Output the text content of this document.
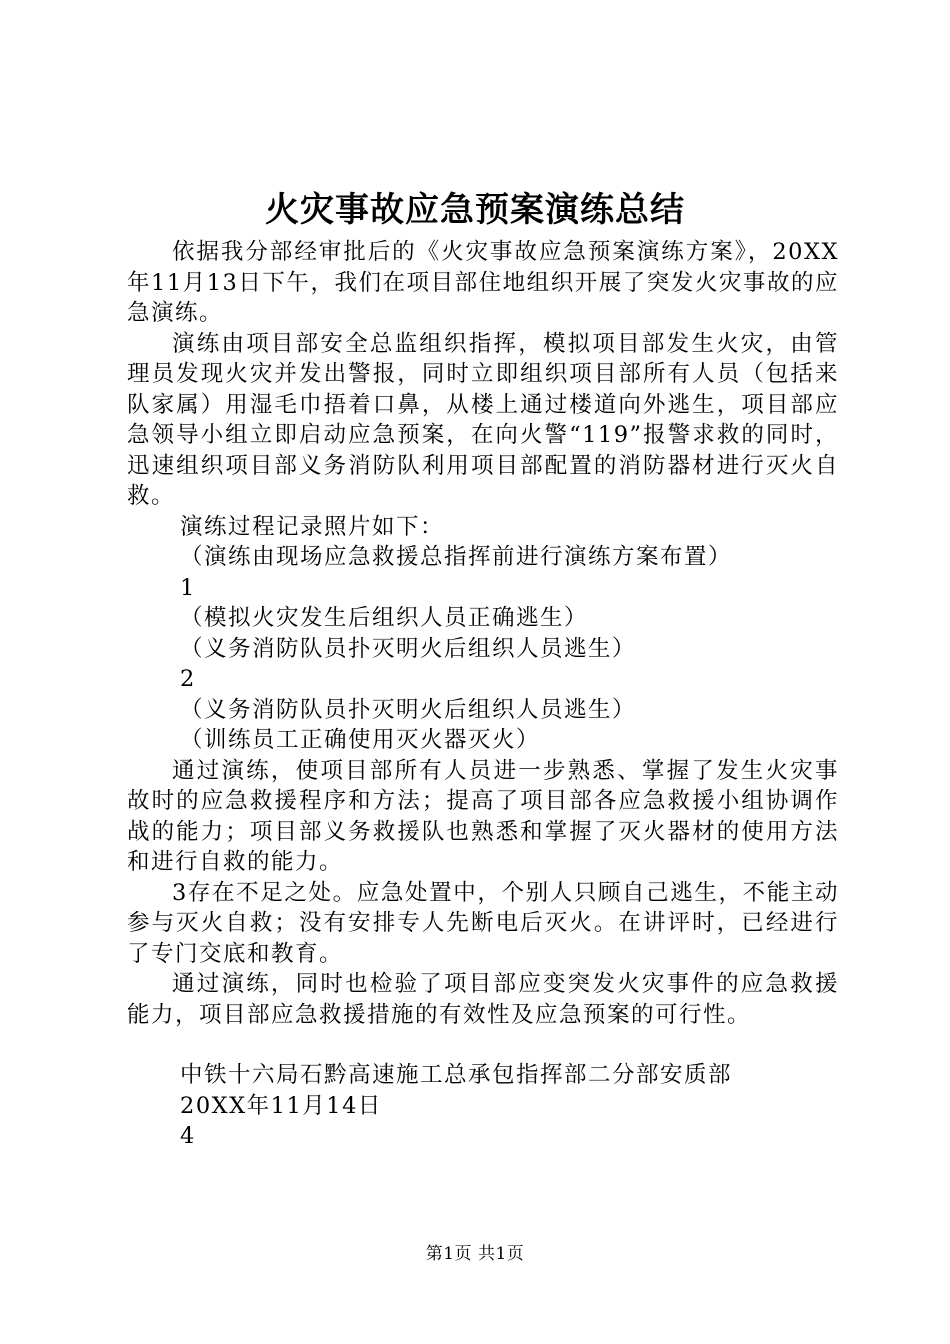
火灾事故应急预案演练总结

依据我分部经审批后的《火灾事故应急预案演练方案》，20XX年11月13日下午，我们在项目部住地组织开展了突发火灾事故的应急演练。

演练由项目部安全总监组织指挥，模拟项目部发生火灾，由管理员发现火灾并发出警报，同时立即组织项目部所有人员（包括来队家属）用湿毛巾捂着口鼻，从楼上通过楼道向外逃生，项目部应急领导小组立即启动应急预案，在向火警“119”报警求救的同时，迅速组织项目部义务消防队利用项目部配置的消防器材进行灭火自救。

演练过程记录照片如下：

（演练由现场应急救援总指挥前进行演练方案布置）

1

（模拟火灾发生后组织人员正确逃生）

（义务消防队员扑灭明火后组织人员逃生）

2

（义务消防队员扑灭明火后组织人员逃生）

（训练员工正确使用灭火器灭火）

通过演练，使项目部所有人员进一步熟悉、掌握了发生火灾事故时的应急救援程序和方法；提高了项目部各应急救援小组协调作战的能力；项目部义务救援队也熟悉和掌握了灭火器材的使用方法和进行自救的能力。

3存在不足之处。应急处置中，个别人只顾自己逃生，不能主动参与灭火自救；没有安排专人先断电后灭火。在讲评时，已经进行了专门交底和教育。

通过演练，同时也检验了项目部应变突发火灾事件的应急救援能力，项目部应急救援措施的有效性及应急预案的可行性。

中铁十六局石黔高速施工总承包指挥部二分部安质部

20XX年11月14日

4

第1页 共1页
